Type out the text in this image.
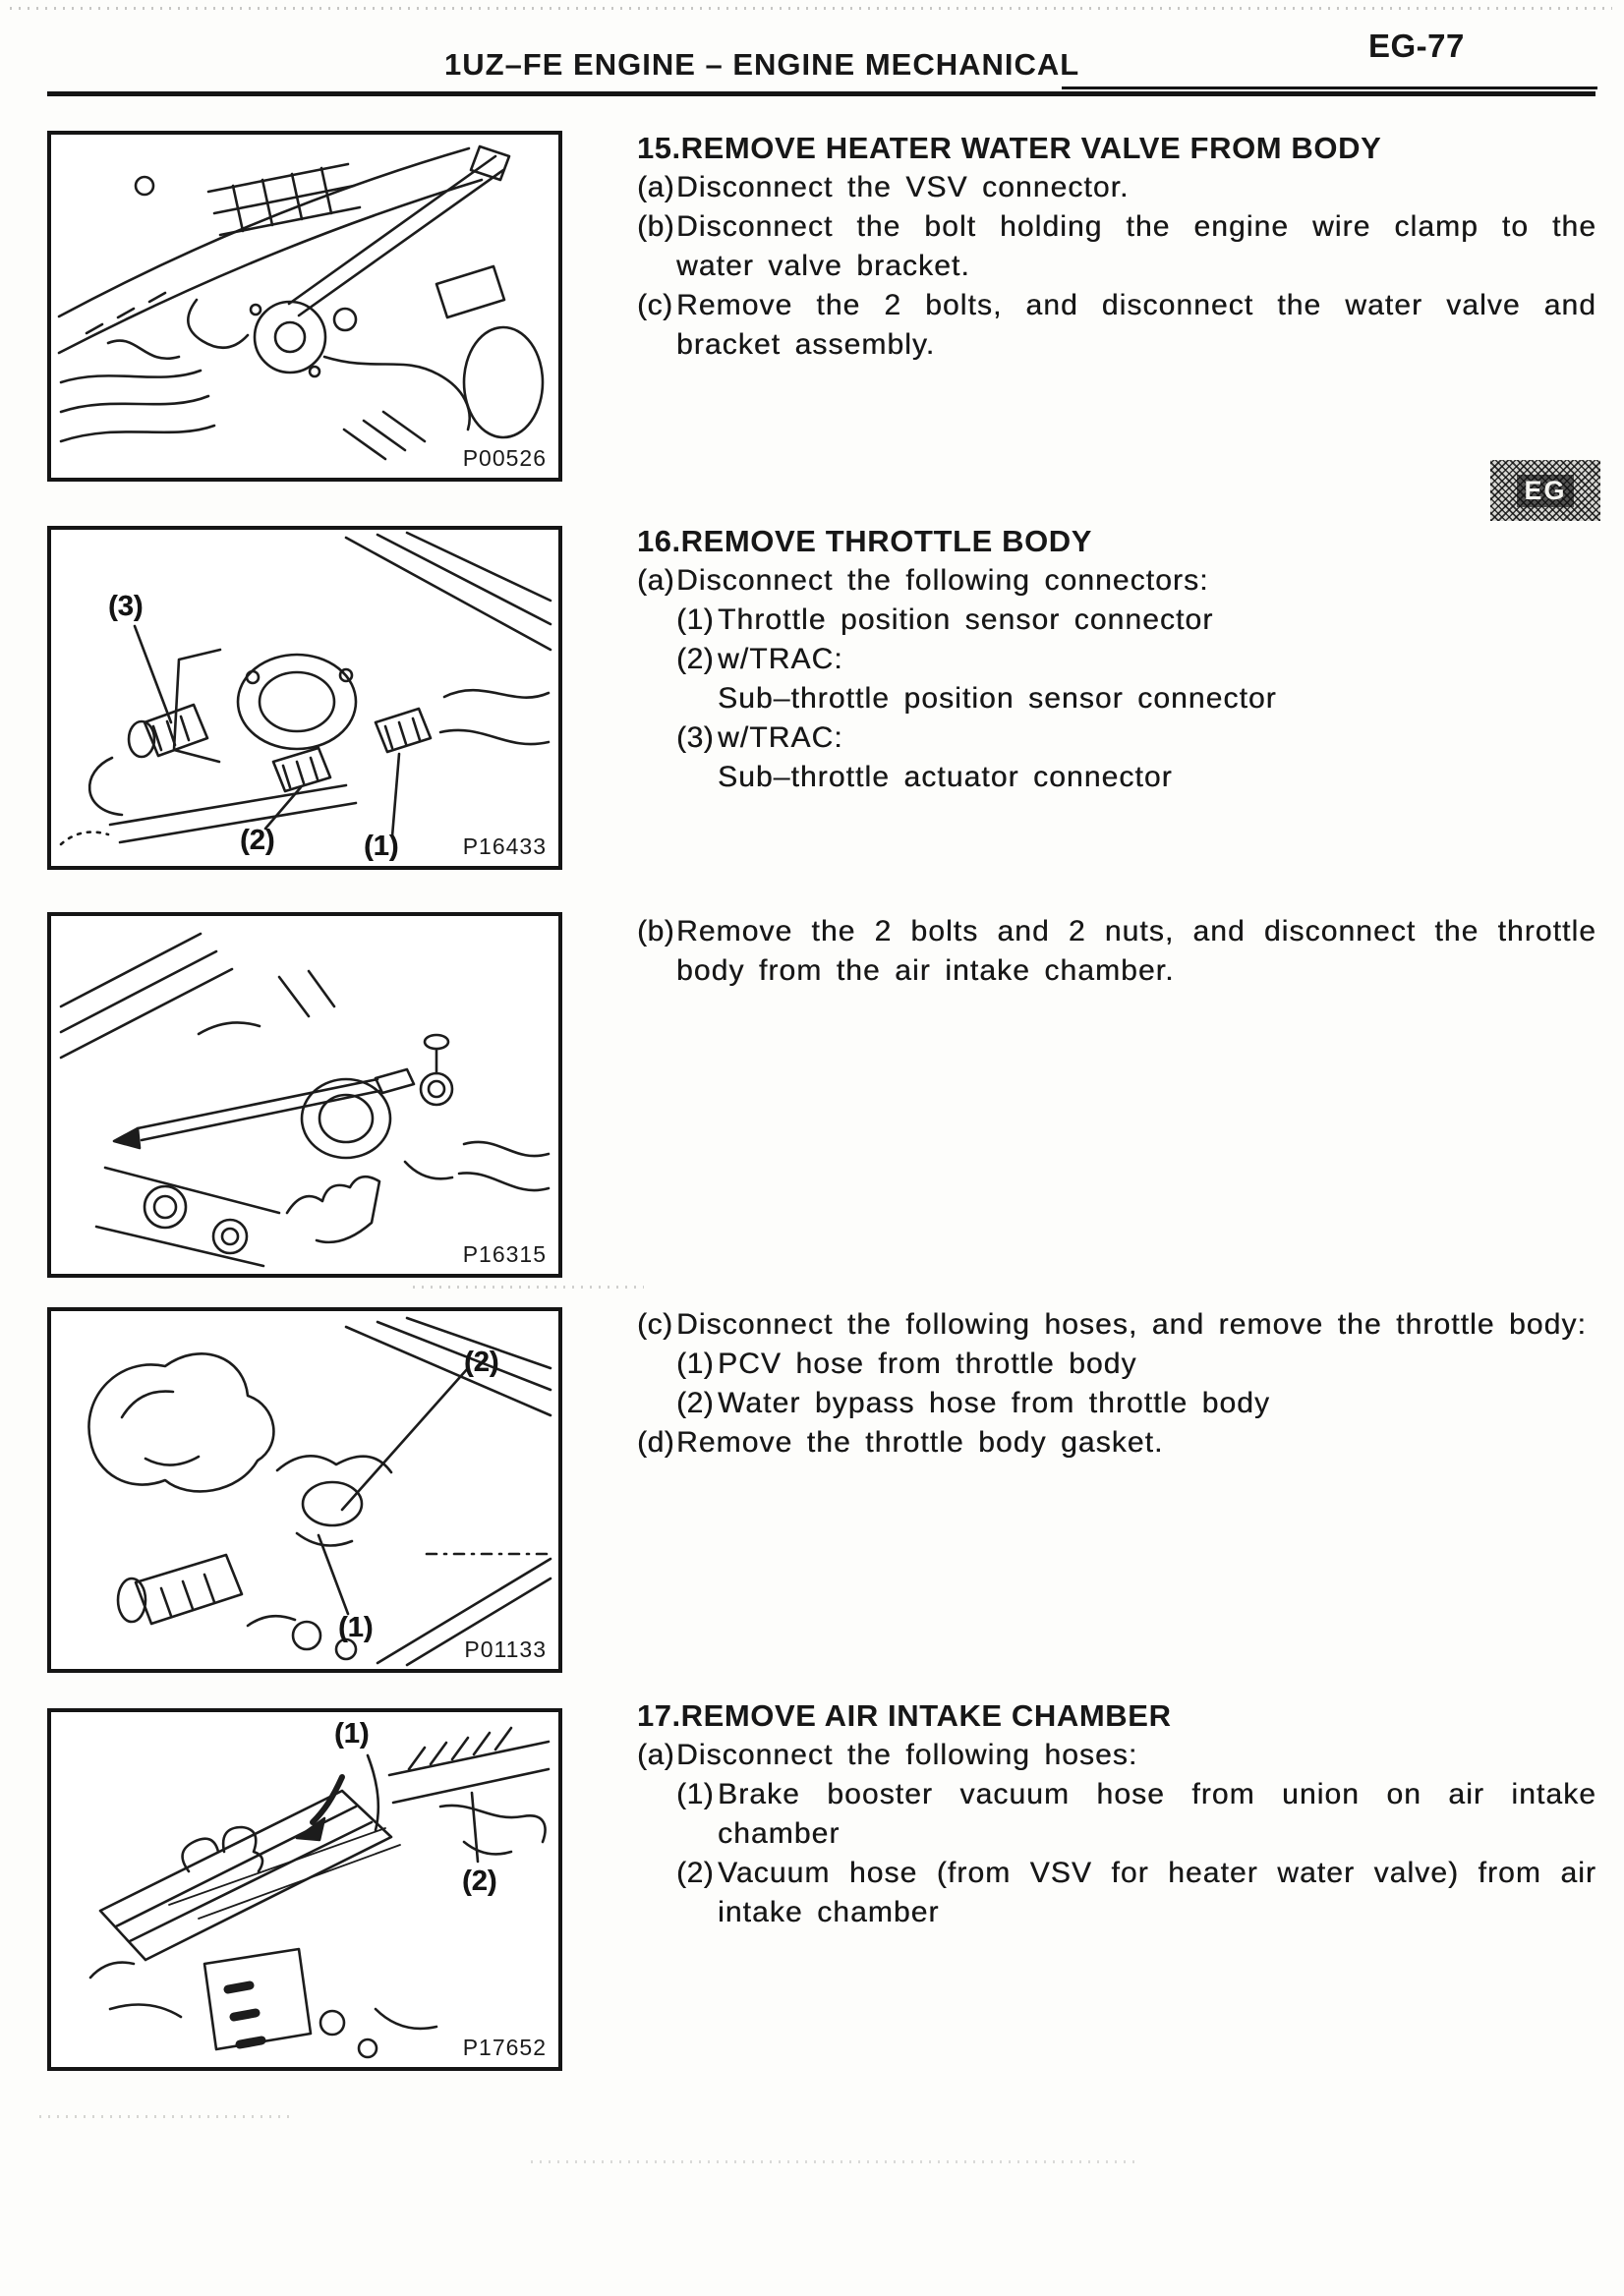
1UZ–FE ENGINE – ENGINE MECHANICAL
EG-77
EG
P00526
(3)
(2)	(1)	P16433
P16315
(2)
(1)
P01133
(1)
(2)
P17652
15. REMOVE HEATER WATER VALVE FROM BODY
(a) Disconnect the VSV connector.

(b) Disconnect the bolt holding the engine wire clamp to the water valve bracket.

(c) Remove the 2 bolts, and disconnect the water valve and bracket assembly.

16. REMOVE THROTTLE BODY
(a) Disconnect the following connectors:

(1) Throttle position sensor connector

(2) w/TRAC:

Sub–throttle position sensor connector

(3) w/TRAC:

Sub–throttle actuator connector

(b) Remove the 2 bolts and 2 nuts, and disconnect the throttle body from the air intake chamber.

(c) Disconnect the following hoses, and remove the throttle body:

(1) PCV hose from throttle body

(2) Water bypass hose from throttle body

(d) Remove the throttle body gasket.

17. REMOVE AIR INTAKE CHAMBER
(a) Disconnect the following hoses:

(1) Brake booster vacuum hose from union on air intake chamber

(2) Vacuum hose (from VSV for heater water valve) from air intake chamber
